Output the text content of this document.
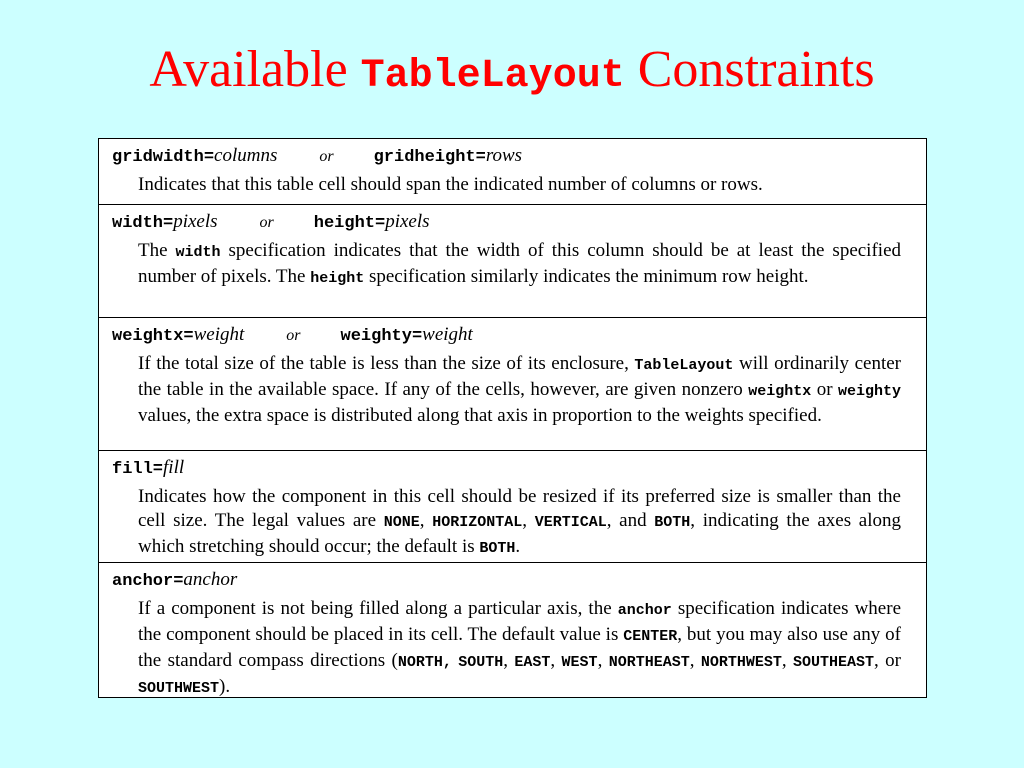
Available TableLayout Constraints
gridwidth=columns	or gridheight=rows
Indicates that this table cell should span the indicated number of columns or rows.
width=pixels	or height=pixels
The width specification indicates that the width of this column should be at least the specified number of pixels. The height specification similarly indicates the minimum row height.
weightx=weight	or weighty=weight
If the total size of the table is less than the size of its enclosure, TableLayout will ordinarily center the table in the available space. If any of the cells, however, are given nonzero weightx or weighty values, the extra space is distributed along that axis in proportion to the weights specified.
fill=fill
Indicates how the component in this cell should be resized if its preferred size is smaller than the cell size. The legal values are NONE, HORIZONTAL, VERTICAL, and BOTH, indicating the axes along which stretching should occur; the default is BOTH.
anchor=anchor
If a component is not being filled along a particular axis, the anchor specification indicates where the component should be placed in its cell. The default value is CENTER, but you may also use any of the standard compass directions (NORTH, SOUTH, EAST, WEST, NORTHEAST, NORTHWEST, SOUTHEAST, or SOUTHWEST).
